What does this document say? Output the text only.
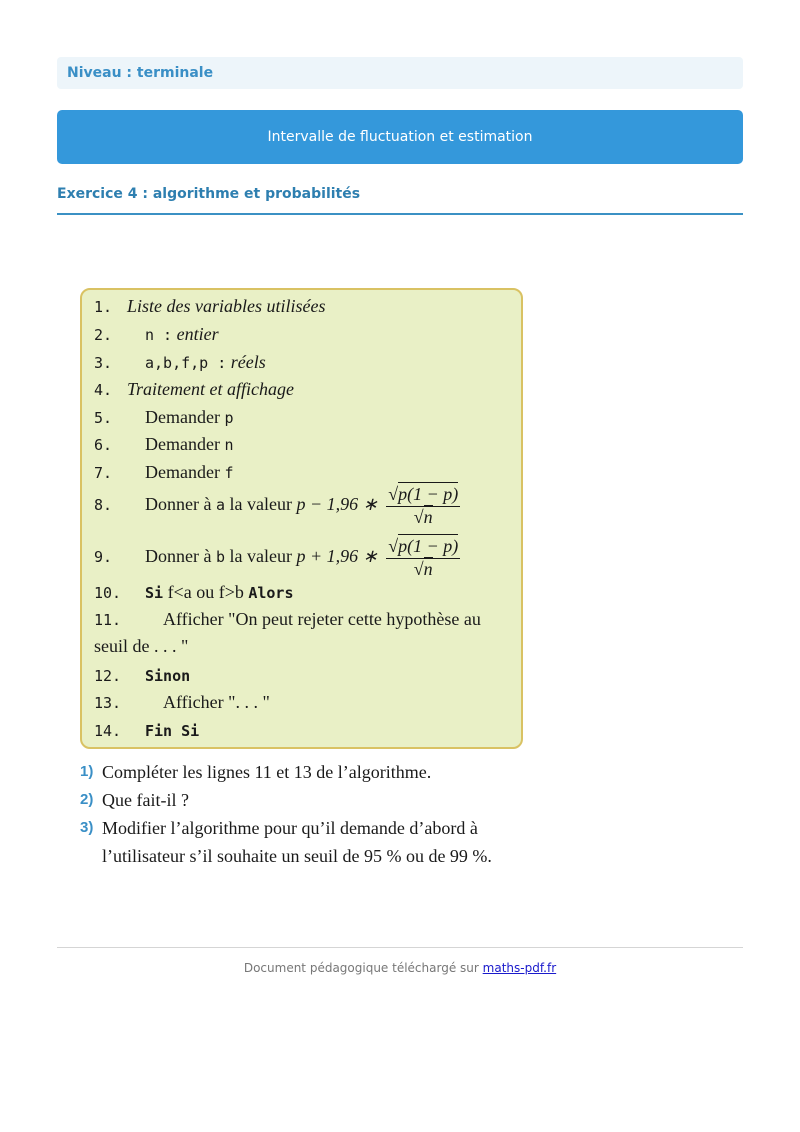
Niveau : terminale
Intervalle de fluctuation et estimation
Exercice 4 : algorithme et probabilités
1. Liste des variables utilisées
2. n : entier
3. a,b,f,p : réels
4. Traitement et affichage
5. Demander p
6. Demander n
7. Demander f
8. Donner à a la valeur p − 1,96 ∗ $\frac{√p(1 - p)}{√n}$
9. Donner à b la valeur p + 1,96 ∗ $\frac{√p(1 - p)}{√n}$
10. Si f<a ou f>b Alors
11. Afficher "On peut rejeter cette hypothèse au
seuil de . . . "
12. Sinon
13. Afficher ". . . "
14. Fin Si
1) Compléter les lignes 11 et 13 de l’algorithme.
2) Que fait-il ?
3) Modifier l’algorithme pour qu’il demande d’abord à l’utilisateur s’il souhaite un seuil de 95 % ou de 99 %.
Document pédagogique téléchargé sur maths-pdf.fr
